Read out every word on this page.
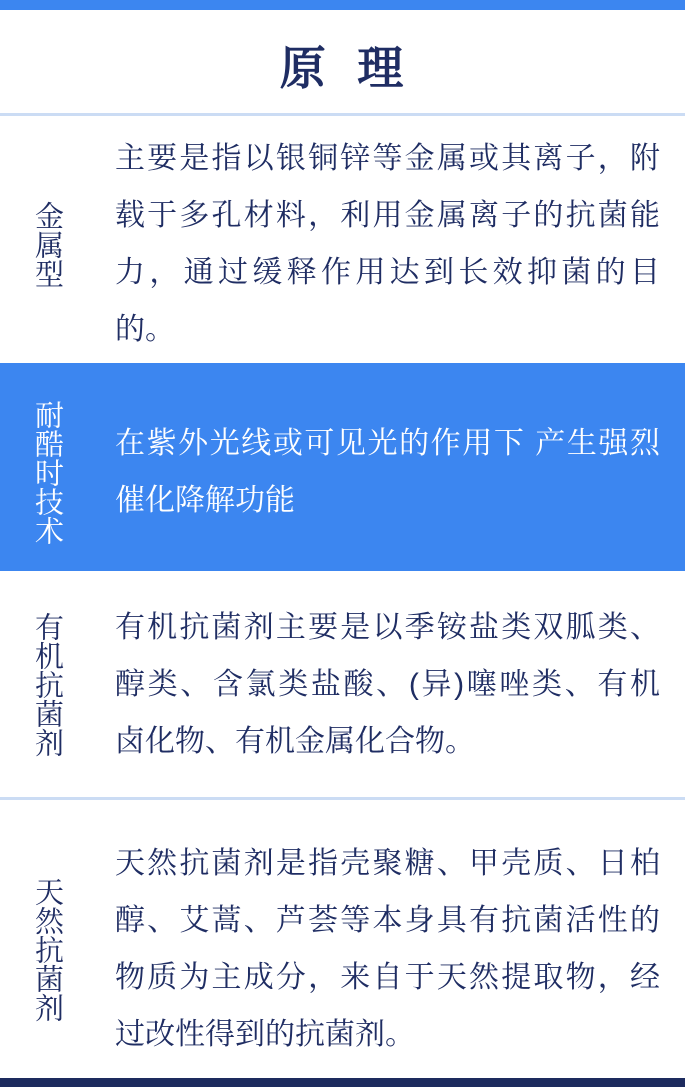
原  理
金属型
主要是指以银铜锌等金属或其离子，附
载于多孔材料，利用金属离子的抗菌能
力，通过缓释作用达到长效抑菌的目
的。
耐酷时技术 在紫外光线或可见光的作用下 产生强烈
催化降解功能
有机抗菌剂 有机抗菌剂主要是以季铵盐类双胍类、
醇类、含氯类盐酸、(异)噻唑类、有机
卤化物、有机金属化合物。
天然抗菌剂
天然抗菌剂是指壳聚糖、甲壳质、日柏
醇、艾蒿、芦荟等本身具有抗菌活性的
物质为主成分，来自于天然提取物，经
过改性得到的抗菌剂。
